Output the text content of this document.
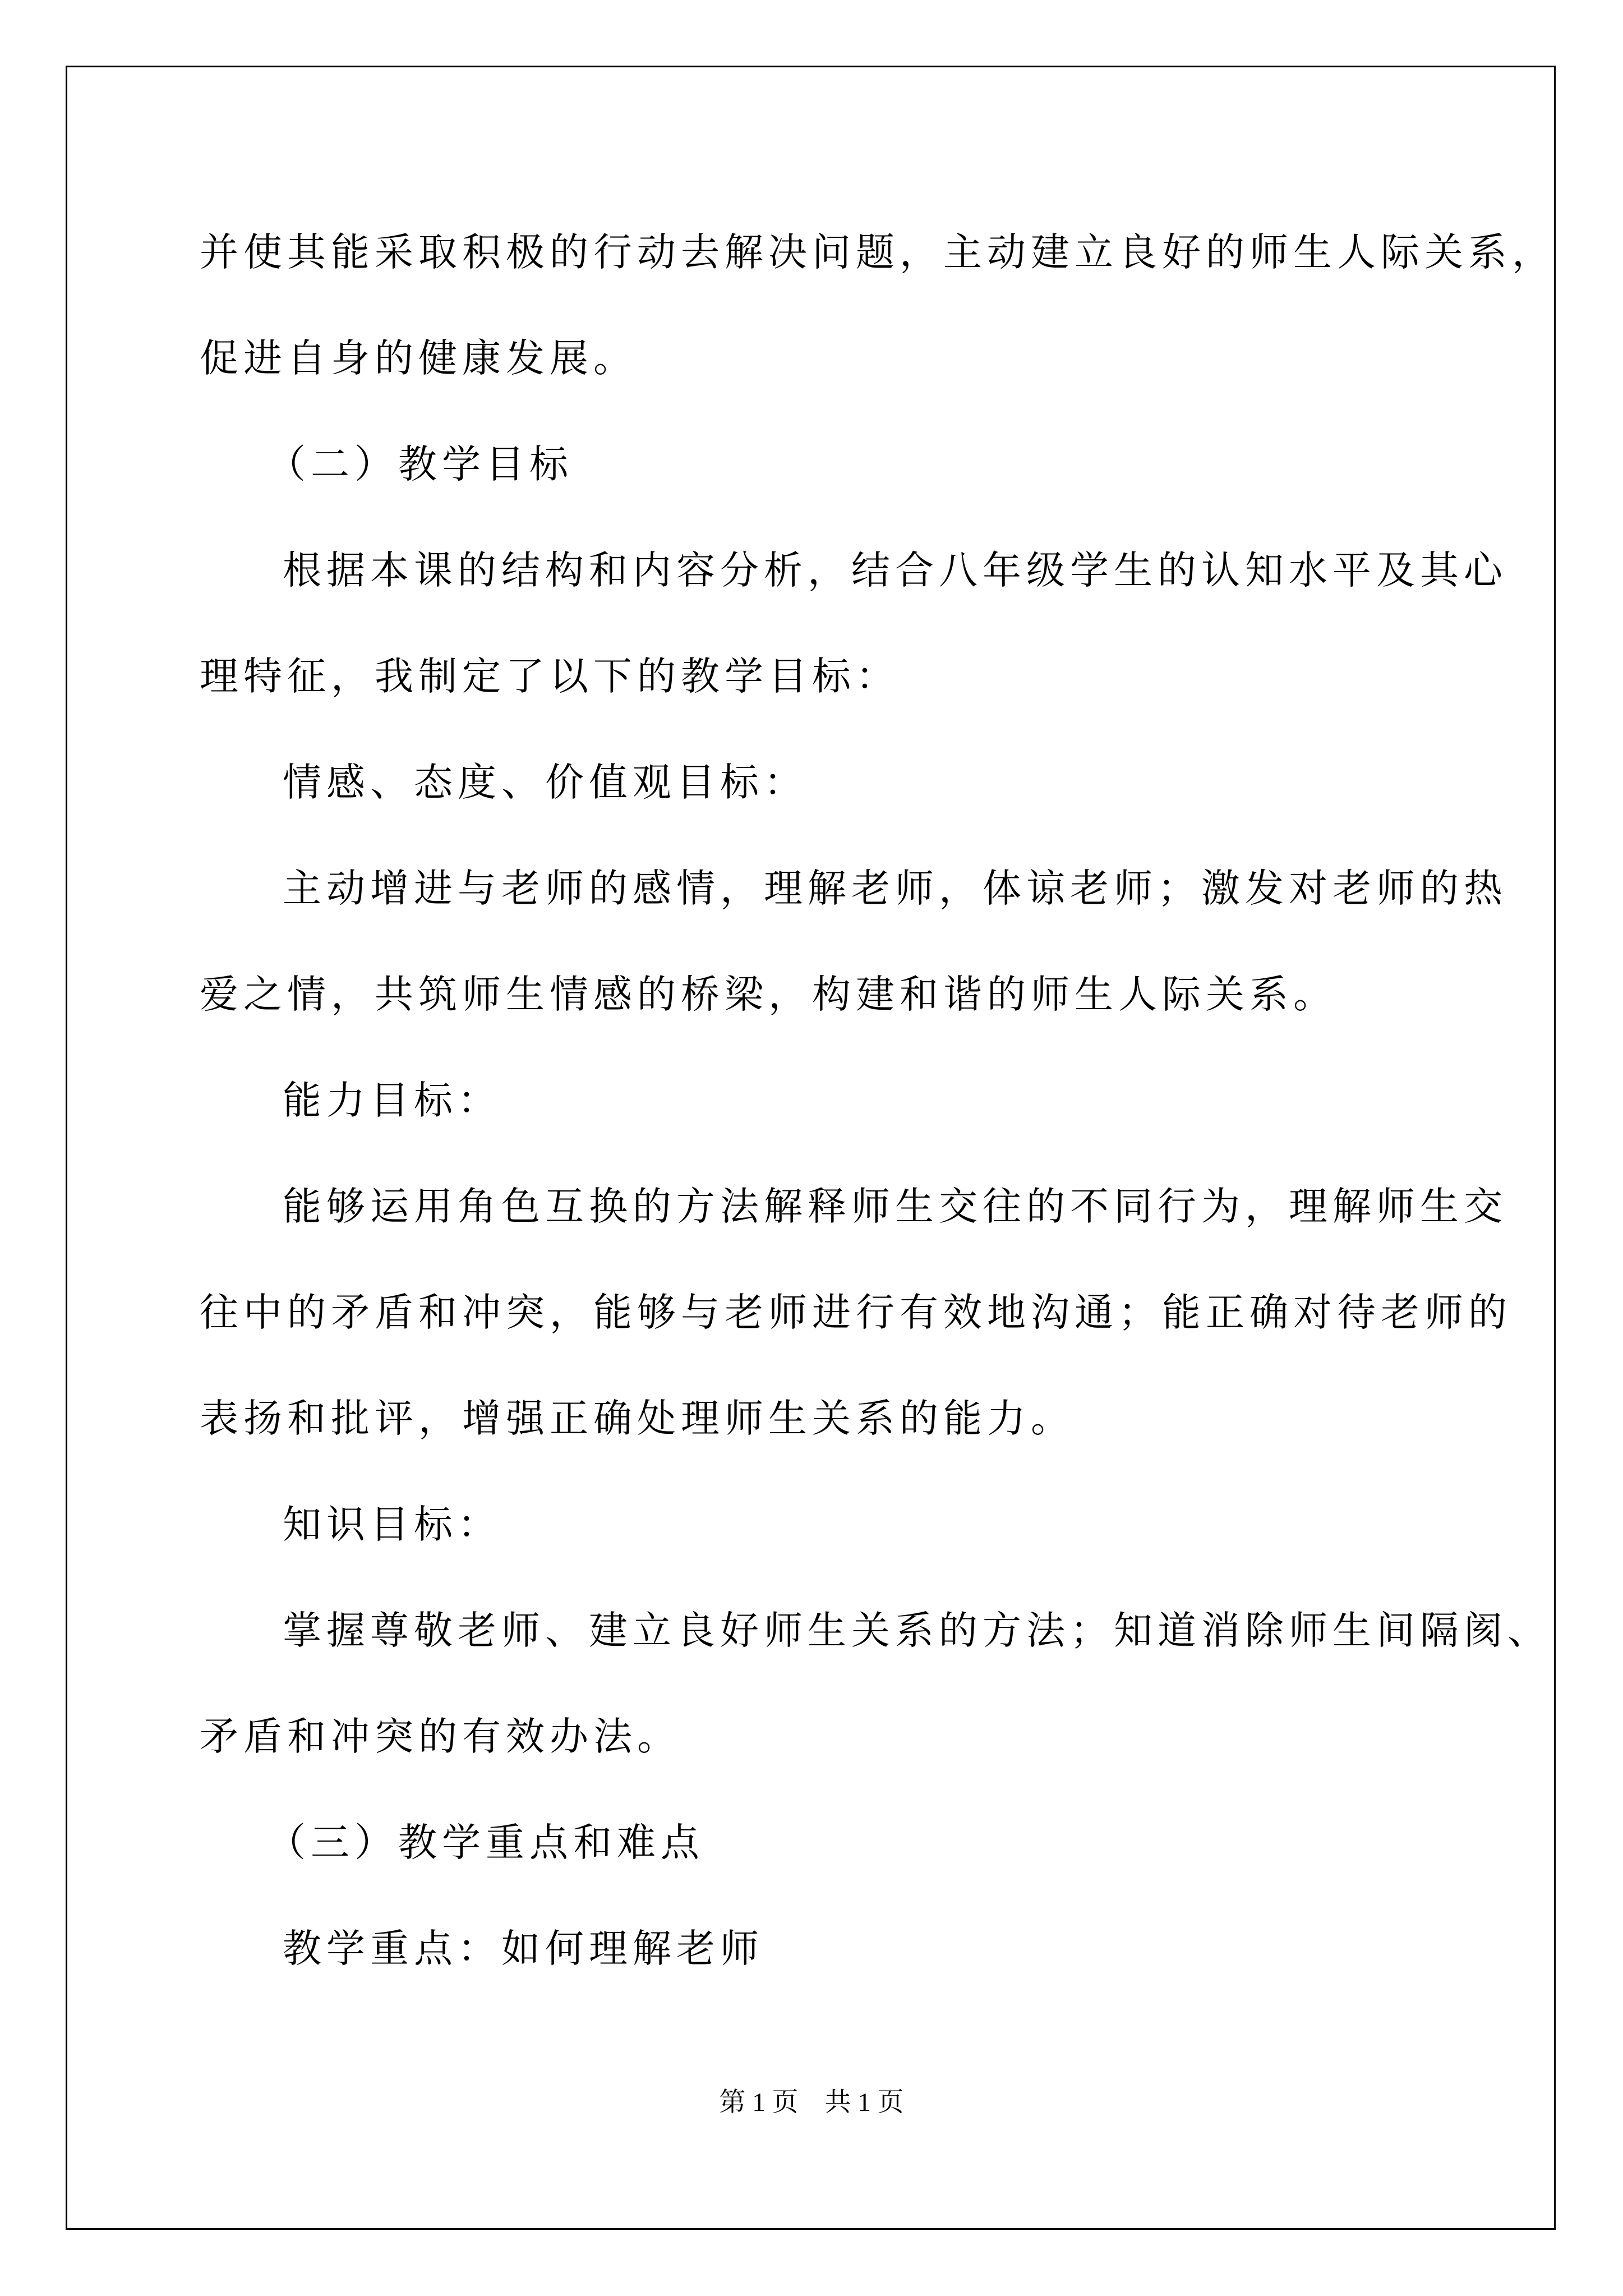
并使其能采取积极的行动去解决问题，主动建立良好的师生人际关系，
促进自身的健康发展。
（二）教学目标
根据本课的结构和内容分析，结合八年级学生的认知水平及其心
理特征，我制定了以下的教学目标：
情感、态度、价值观目标：
主动增进与老师的感情，理解老师，体谅老师；激发对老师的热
爱之情，共筑师生情感的桥梁，构建和谐的师生人际关系。
能力目标：
能够运用角色互换的方法解释师生交往的不同行为，理解师生交
往中的矛盾和冲突，能够与老师进行有效地沟通；能正确对待老师的
表扬和批评，增强正确处理师生关系的能力。
知识目标：
掌握尊敬老师、建立良好师生关系的方法；知道消除师生间隔阂、
矛盾和冲突的有效办法。
（三）教学重点和难点
教学重点：如何理解老师
第 1 页    共 1 页
